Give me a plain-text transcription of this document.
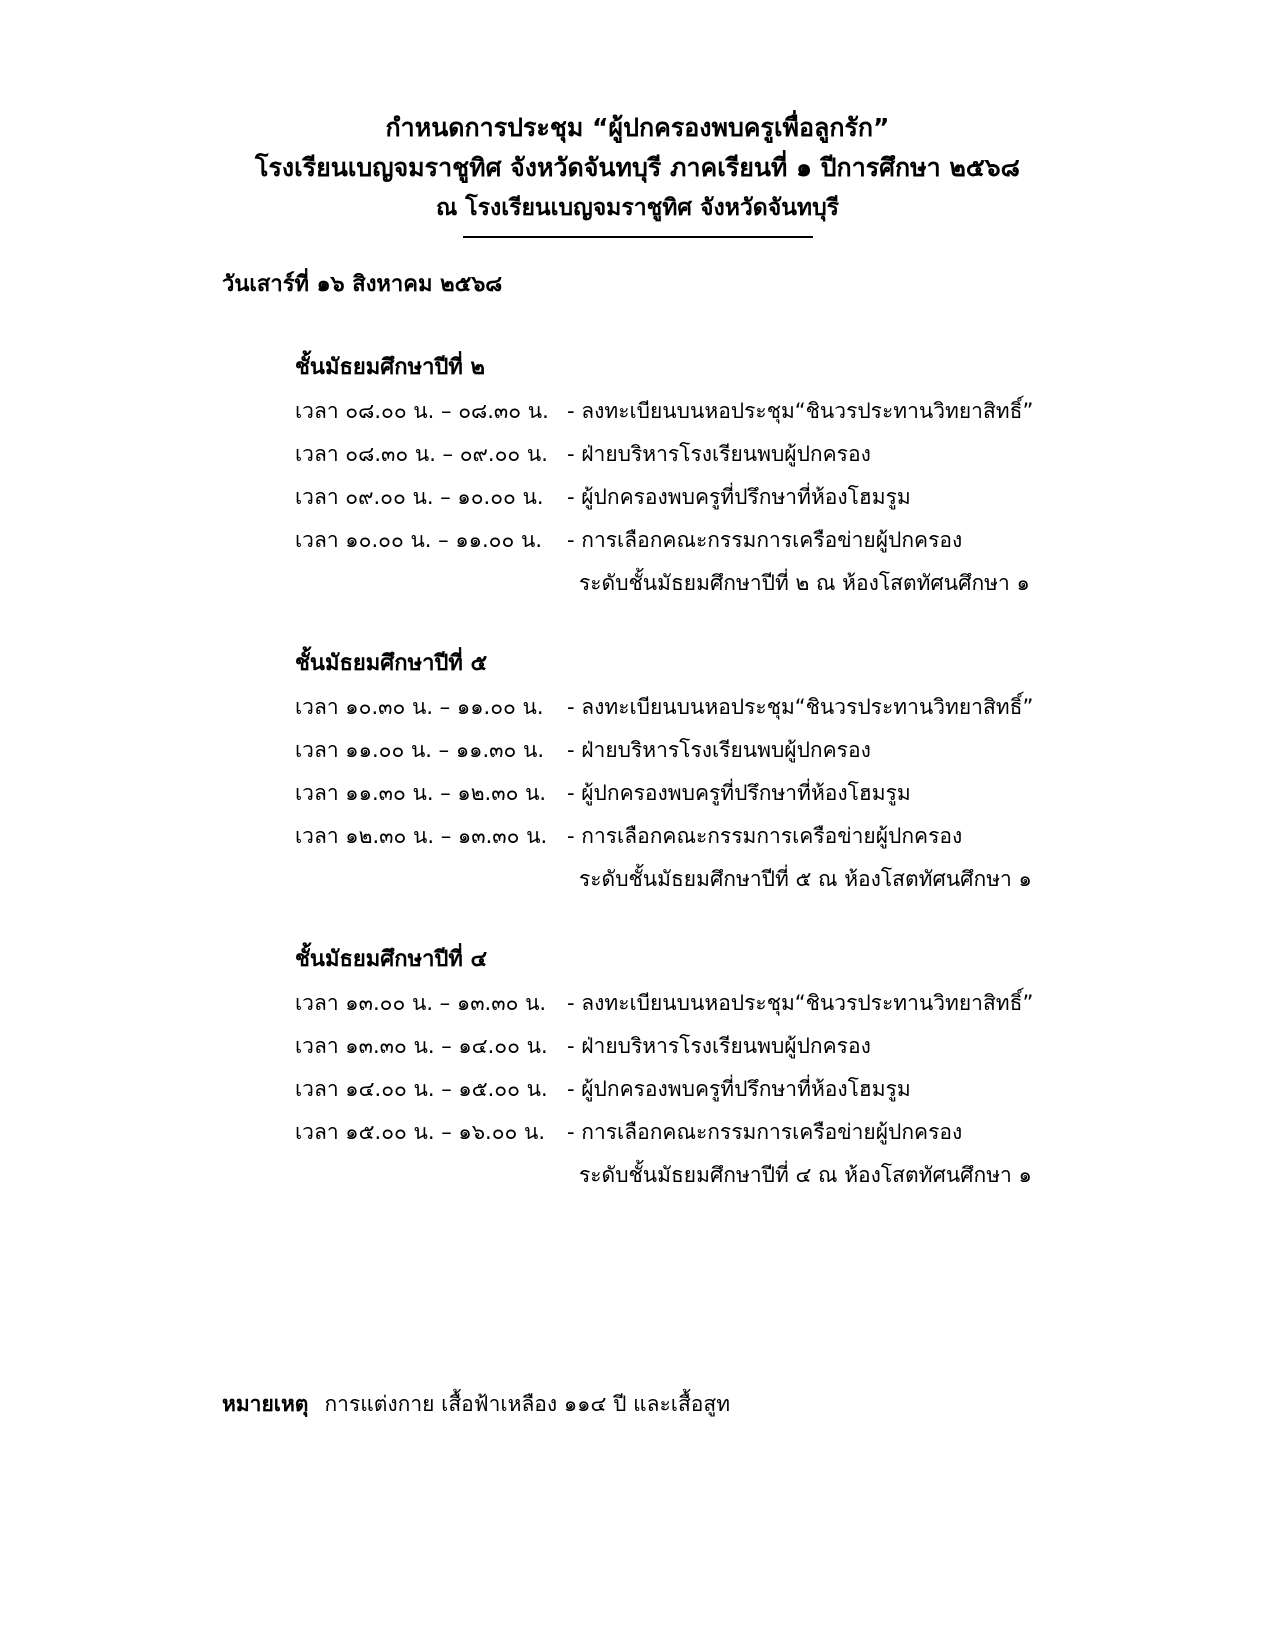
กำหนดการประชุม “ผู้ปกครองพบครูเพื่อลูกรัก”
โรงเรียนเบญจมราชูทิศ จังหวัดจันทบุรี ภาคเรียนที่ ๑ ปีการศึกษา ๒๕๖๘
ณ โรงเรียนเบญจมราชูทิศ จังหวัดจันทบุรี
วันเสาร์ที่ ๑๖ สิงหาคม ๒๕๖๘
ชั้นมัธยมศึกษาปีที่ ๒
เวลา ๐๘.๐๐ น. – ๐๘.๓๐ น. - ลงทะเบียนบนหอประชุม“ชินวรประทานวิทยาสิทธิ์”
เวลา ๐๘.๓๐ น. – ๐๙.๐๐ น. - ฝ่ายบริหารโรงเรียนพบผู้ปกครอง
เวลา ๐๙.๐๐ น. – ๑๐.๐๐ น. - ผู้ปกครองพบครูที่ปรึกษาที่ห้องโฮมรูม
เวลา ๑๐.๐๐ น. – ๑๑.๐๐ น. - การเลือกคณะกรรมการเครือข่ายผู้ปกครอง
ระดับชั้นมัธยมศึกษาปีที่ ๒ ณ ห้องโสตทัศนศึกษา ๑
ชั้นมัธยมศึกษาปีที่ ๕
เวลา ๑๐.๓๐ น. – ๑๑.๐๐ น. - ลงทะเบียนบนหอประชุม“ชินวรประทานวิทยาสิทธิ์”
เวลา ๑๑.๐๐ น. – ๑๑.๓๐ น. - ฝ่ายบริหารโรงเรียนพบผู้ปกครอง
เวลา ๑๑.๓๐ น. – ๑๒.๓๐ น. - ผู้ปกครองพบครูที่ปรึกษาที่ห้องโฮมรูม
เวลา ๑๒.๓๐ น. – ๑๓.๓๐ น. - การเลือกคณะกรรมการเครือข่ายผู้ปกครอง
ระดับชั้นมัธยมศึกษาปีที่ ๕ ณ ห้องโสตทัศนศึกษา ๑
ชั้นมัธยมศึกษาปีที่ ๔
เวลา ๑๓.๐๐ น. – ๑๓.๓๐ น. - ลงทะเบียนบนหอประชุม“ชินวรประทานวิทยาสิทธิ์”
เวลา ๑๓.๓๐ น. – ๑๔.๐๐ น. - ฝ่ายบริหารโรงเรียนพบผู้ปกครอง
เวลา ๑๔.๐๐ น. – ๑๕.๐๐ น. - ผู้ปกครองพบครูที่ปรึกษาที่ห้องโฮมรูม
เวลา ๑๕.๐๐ น. – ๑๖.๐๐ น. - การเลือกคณะกรรมการเครือข่ายผู้ปกครอง
ระดับชั้นมัธยมศึกษาปีที่ ๔ ณ ห้องโสตทัศนศึกษา ๑
หมายเหตุ การแต่งกาย เสื้อฟ้าเหลือง ๑๑๔ ปี และเสื้อสูท
